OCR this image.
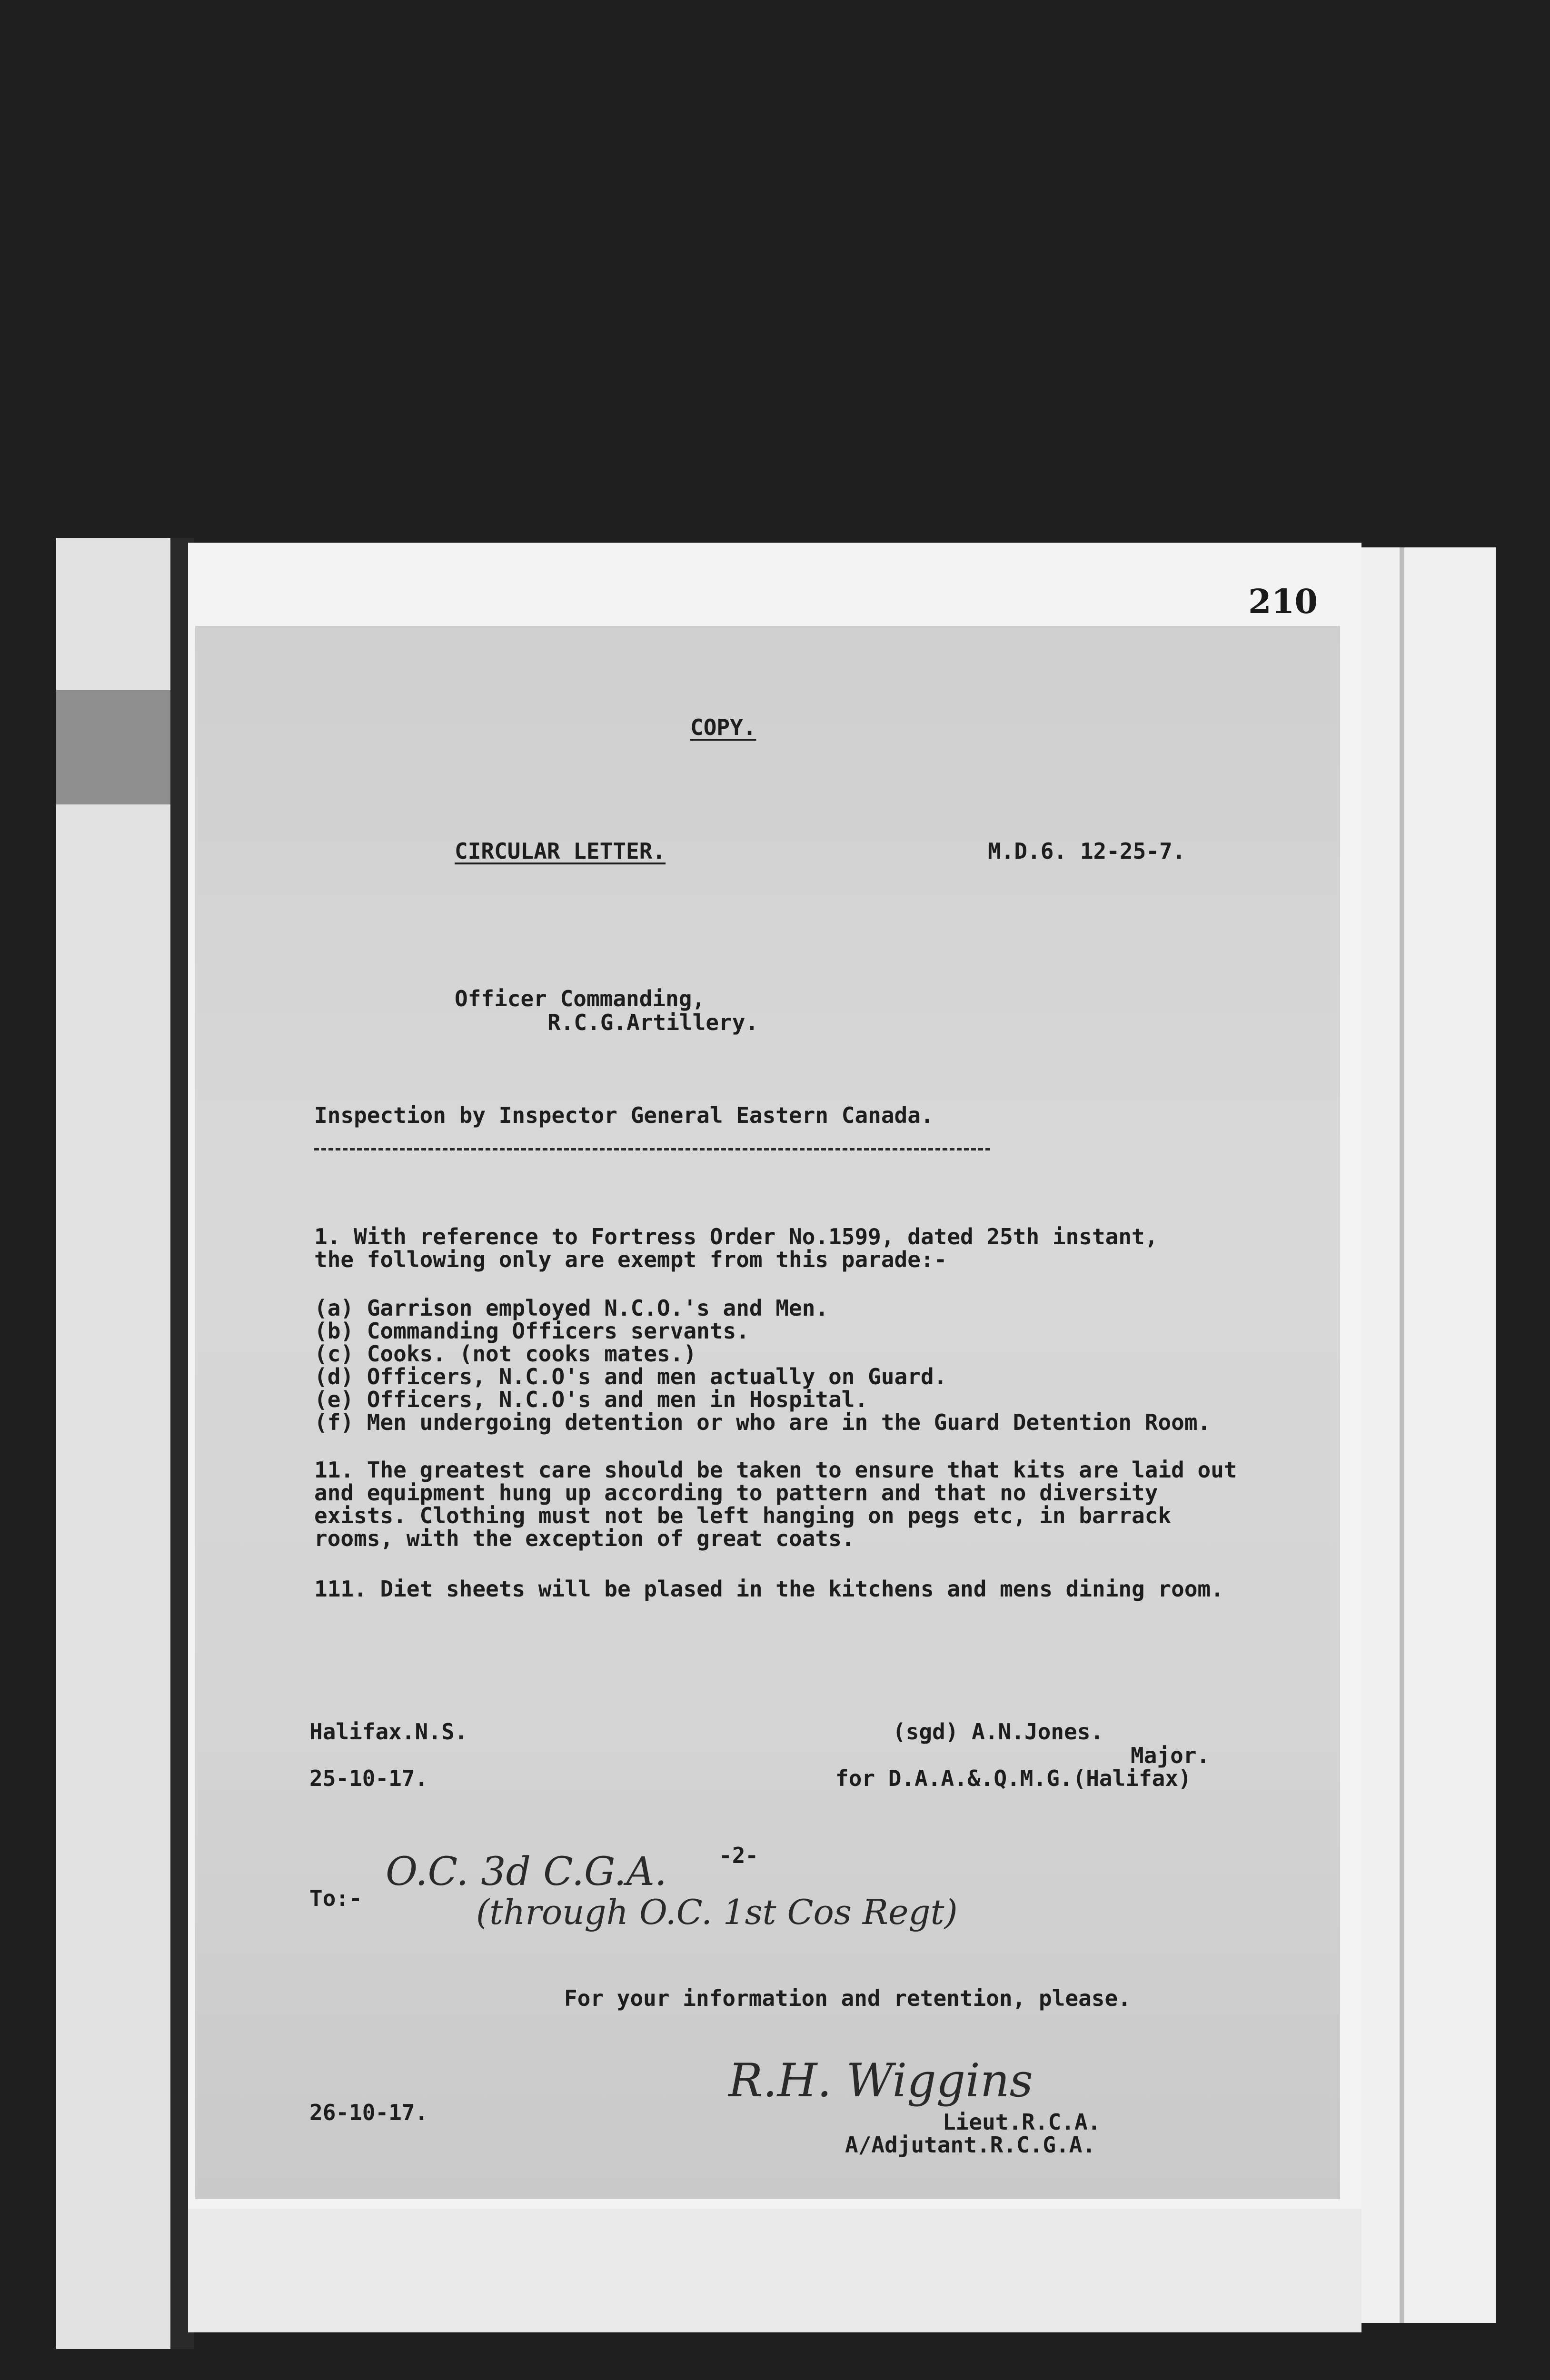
210
COPY.
CIRCULAR LETTER.	M.D.6. 12-25-7.
Officer Commanding,
R.C.G.Artillery.
Inspection by Inspector General Eastern Canada.
1. With reference to Fortress Order No.1599, dated 25th instant,
the following only are exempt from this parade:-
(a) Garrison employed N.C.O.'s and Men.
(b) Commanding Officers servants.
(c) Cooks. (not cooks mates.)
(d) Officers, N.C.O's and men actually on Guard.
(e) Officers, N.C.O's and men in Hospital.
(f) Men undergoing detention or who are in the Guard Detention Room.
11. The greatest care should be taken to ensure that kits are laid out
and equipment hung up according to pattern and that no diversity
exists. Clothing must not be left hanging on pegs etc, in barrack
rooms, with the exception of great coats.
111. Diet sheets will be plased in the kitchens and mens dining room.
Halifax.N.S.	(sgd) A.N.Jones.
Major.
25-10-17.	for D.A.A.&.Q.M.G.(Halifax)
-2-
To:-
O.C. 3d C.G.A.
(through O.C. 1st Cos Regt)
For your information and retention, please.
26-10-17.
R.H. Wiggins
Lieut.R.C.A.
A/Adjutant.R.C.G.A.
